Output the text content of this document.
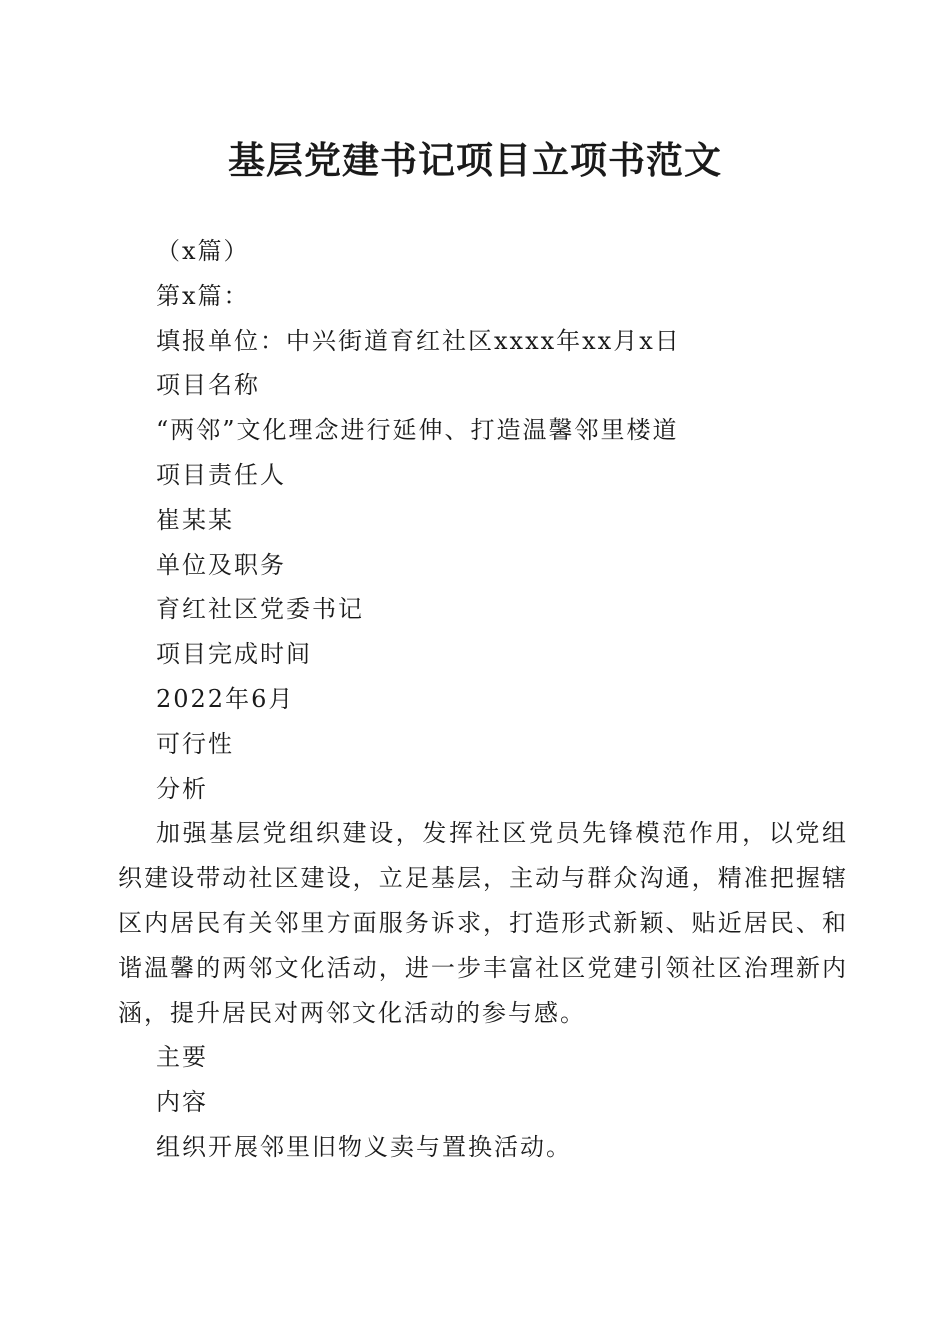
基层党建书记项目立项书范文
（x篇）
第x篇：
填报单位：中兴街道育红社区xxxx年xx月x日
项目名称
“两邻”文化理念进行延伸、打造温馨邻里楼道
项目责任人
崔某某
单位及职务
育红社区党委书记
项目完成时间
2022年6月
可行性
分析

加强基层党组织建设，发挥社区党员先锋模范作用，以党组织建设带动社区建设，立足基层，主动与群众沟通，精准把握辖区内居民有关邻里方面服务诉求，打造形式新颖、贴近居民、和谐温馨的两邻文化活动，进一步丰富社区党建引领社区治理新内涵，提升居民对两邻文化活动的参与感。

主要
内容
组织开展邻里旧物义卖与置换活动。
